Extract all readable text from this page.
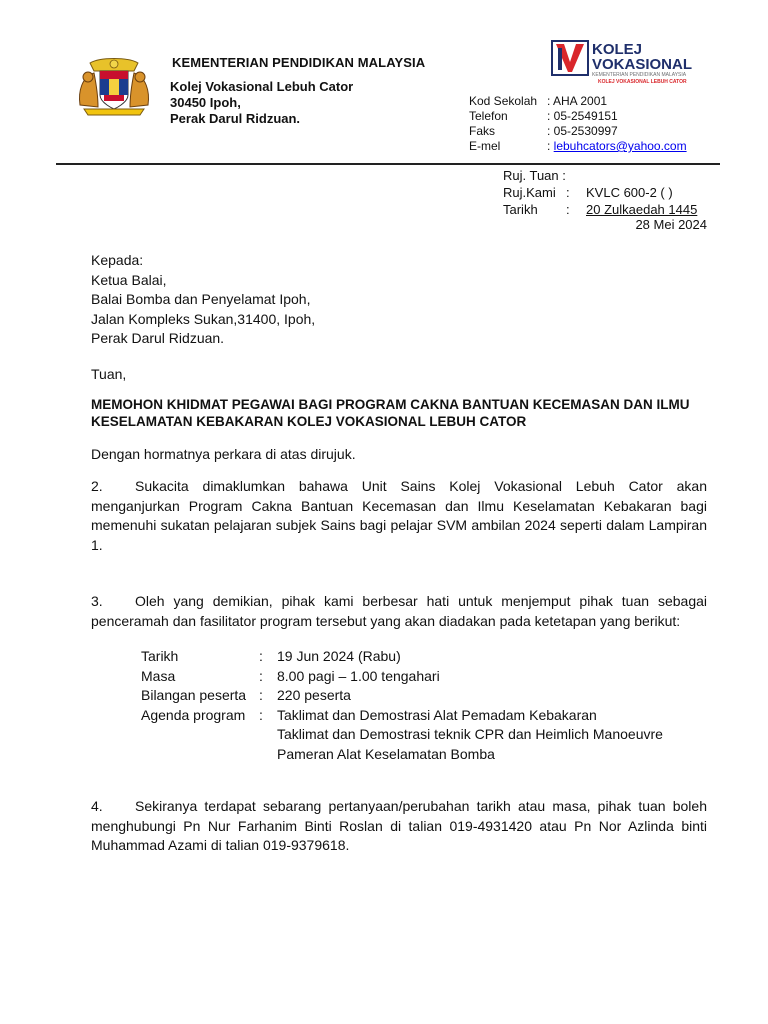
KEMENTERIAN PENDIDIKAN MALAYSIA
Kolej Vokasional Lebuh Cator
30450 Ipoh,
Perak Darul Ridzuan.
KOLEJ
VOKASIONAL
KEMENTERIAN PENDIDIKAN MALAYSIA
KOLEJ VOKASIONAL LEBUH CATOR
Kod Sekolah	: AHA 2001
Telefon	: 05-2549151
Faks	: 05-2530997
E-mel	: lebuhcators@yahoo.com
Ruj. Tuan :		
Ruj.Kami	:	KVLC 600-2 ( )
Tarikh	:	20 Zulkaedah 1445
28 Mei 2024
Kepada:
Ketua Balai,
Balai Bomba dan Penyelamat Ipoh,
Jalan Kompleks Sukan,31400, Ipoh,
Perak Darul Ridzuan.
Tuan,
MEMOHON KHIDMAT PEGAWAI BAGI PROGRAM CAKNA BANTUAN KECEMASAN DAN ILMU KESELAMATAN KEBAKARAN KOLEJ VOKASIONAL LEBUH CATOR
Dengan hormatnya perkara di atas dirujuk.
2. Sukacita dimaklumkan bahawa Unit Sains Kolej Vokasional Lebuh Cator akan menganjurkan Program Cakna Bantuan Kecemasan dan Ilmu Keselamatan Kebakaran bagi memenuhi sukatan pelajaran subjek Sains bagi pelajar SVM ambilan 2024 seperti dalam Lampiran 1.
3. Oleh yang demikian, pihak kami berbesar hati untuk menjemput pihak tuan sebagai penceramah dan fasilitator program tersebut yang akan diadakan pada ketetapan yang berikut:
Tarikh	:	19 Jun 2024 (Rabu)
Masa	:	8.00 pagi – 1.00 tengahari
Bilangan peserta	:	220 peserta
Agenda program	:	Taklimat dan Demostrasi Alat Pemadam Kebakaran
Taklimat dan Demostrasi teknik CPR dan Heimlich Manoeuvre
Pameran Alat Keselamatan Bomba
4. Sekiranya terdapat sebarang pertanyaan/perubahan tarikh atau masa, pihak tuan boleh menghubungi Pn Nur Farhanim Binti Roslan di talian 019-4931420 atau Pn Nor Azlinda binti Muhammad Azami di talian 019-9379618.
